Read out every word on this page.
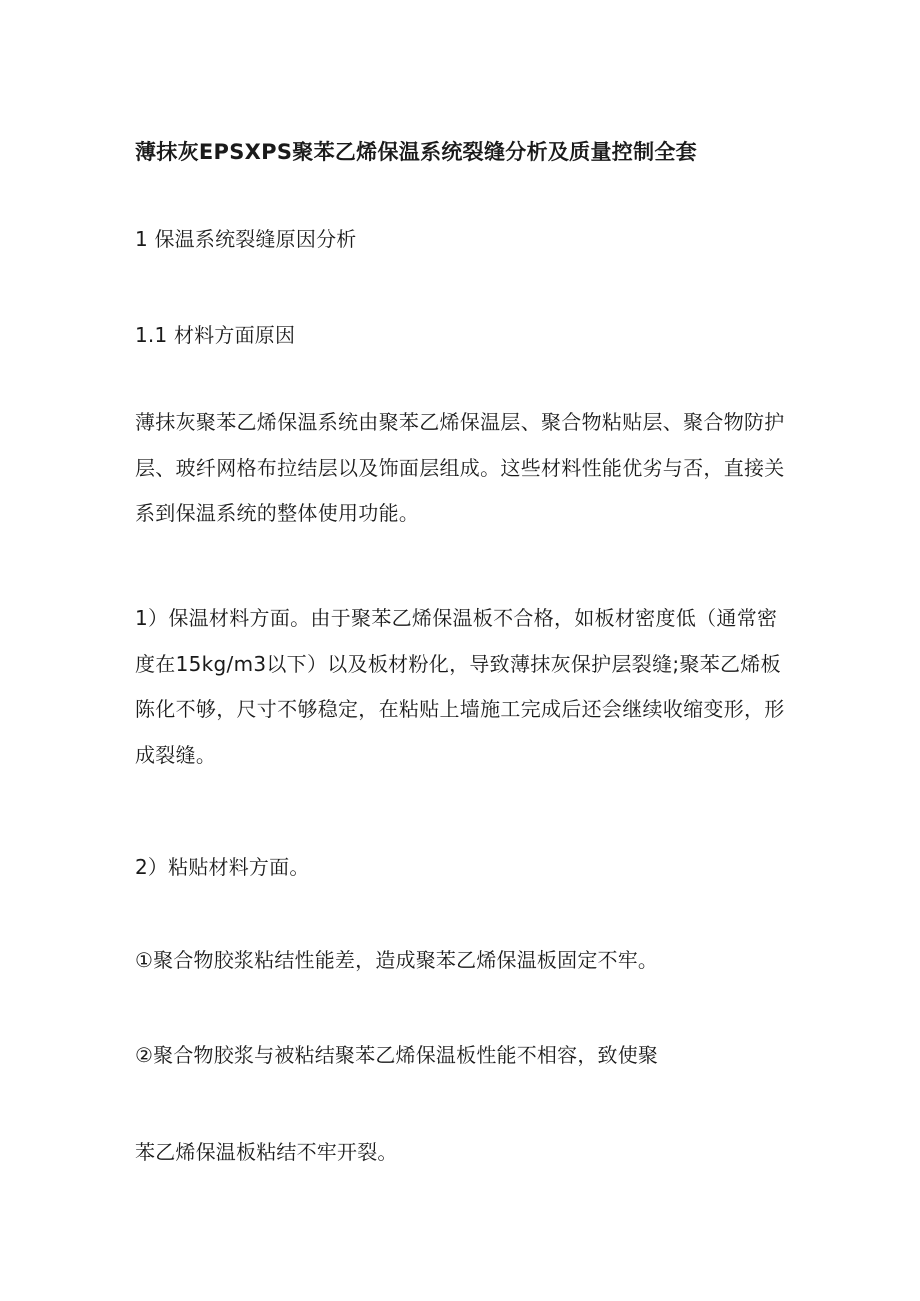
薄抹灰EPSXPS聚苯乙烯保温系统裂缝分析及质量控制全套

1 保温系统裂缝原因分析

1.1 材料方面原因

薄抹灰聚苯乙烯保温系统由聚苯乙烯保温层、聚合物粘贴层、聚合物防护层、玻纤网格布拉结层以及饰面层组成。这些材料性能优劣与否，直接关系到保温系统的整体使用功能。

1）保温材料方面。由于聚苯乙烯保温板不合格，如板材密度低（通常密度在15kg/m3以下）以及板材粉化，导致薄抹灰保护层裂缝;聚苯乙烯板陈化不够，尺寸不够稳定，在粘贴上墙施工完成后还会继续收缩变形，形成裂缝。

2）粘贴材料方面。

①聚合物胶浆粘结性能差，造成聚苯乙烯保温板固定不牢。

②聚合物胶浆与被粘结聚苯乙烯保温板性能不相容，致使聚

苯乙烯保温板粘结不牢开裂。
